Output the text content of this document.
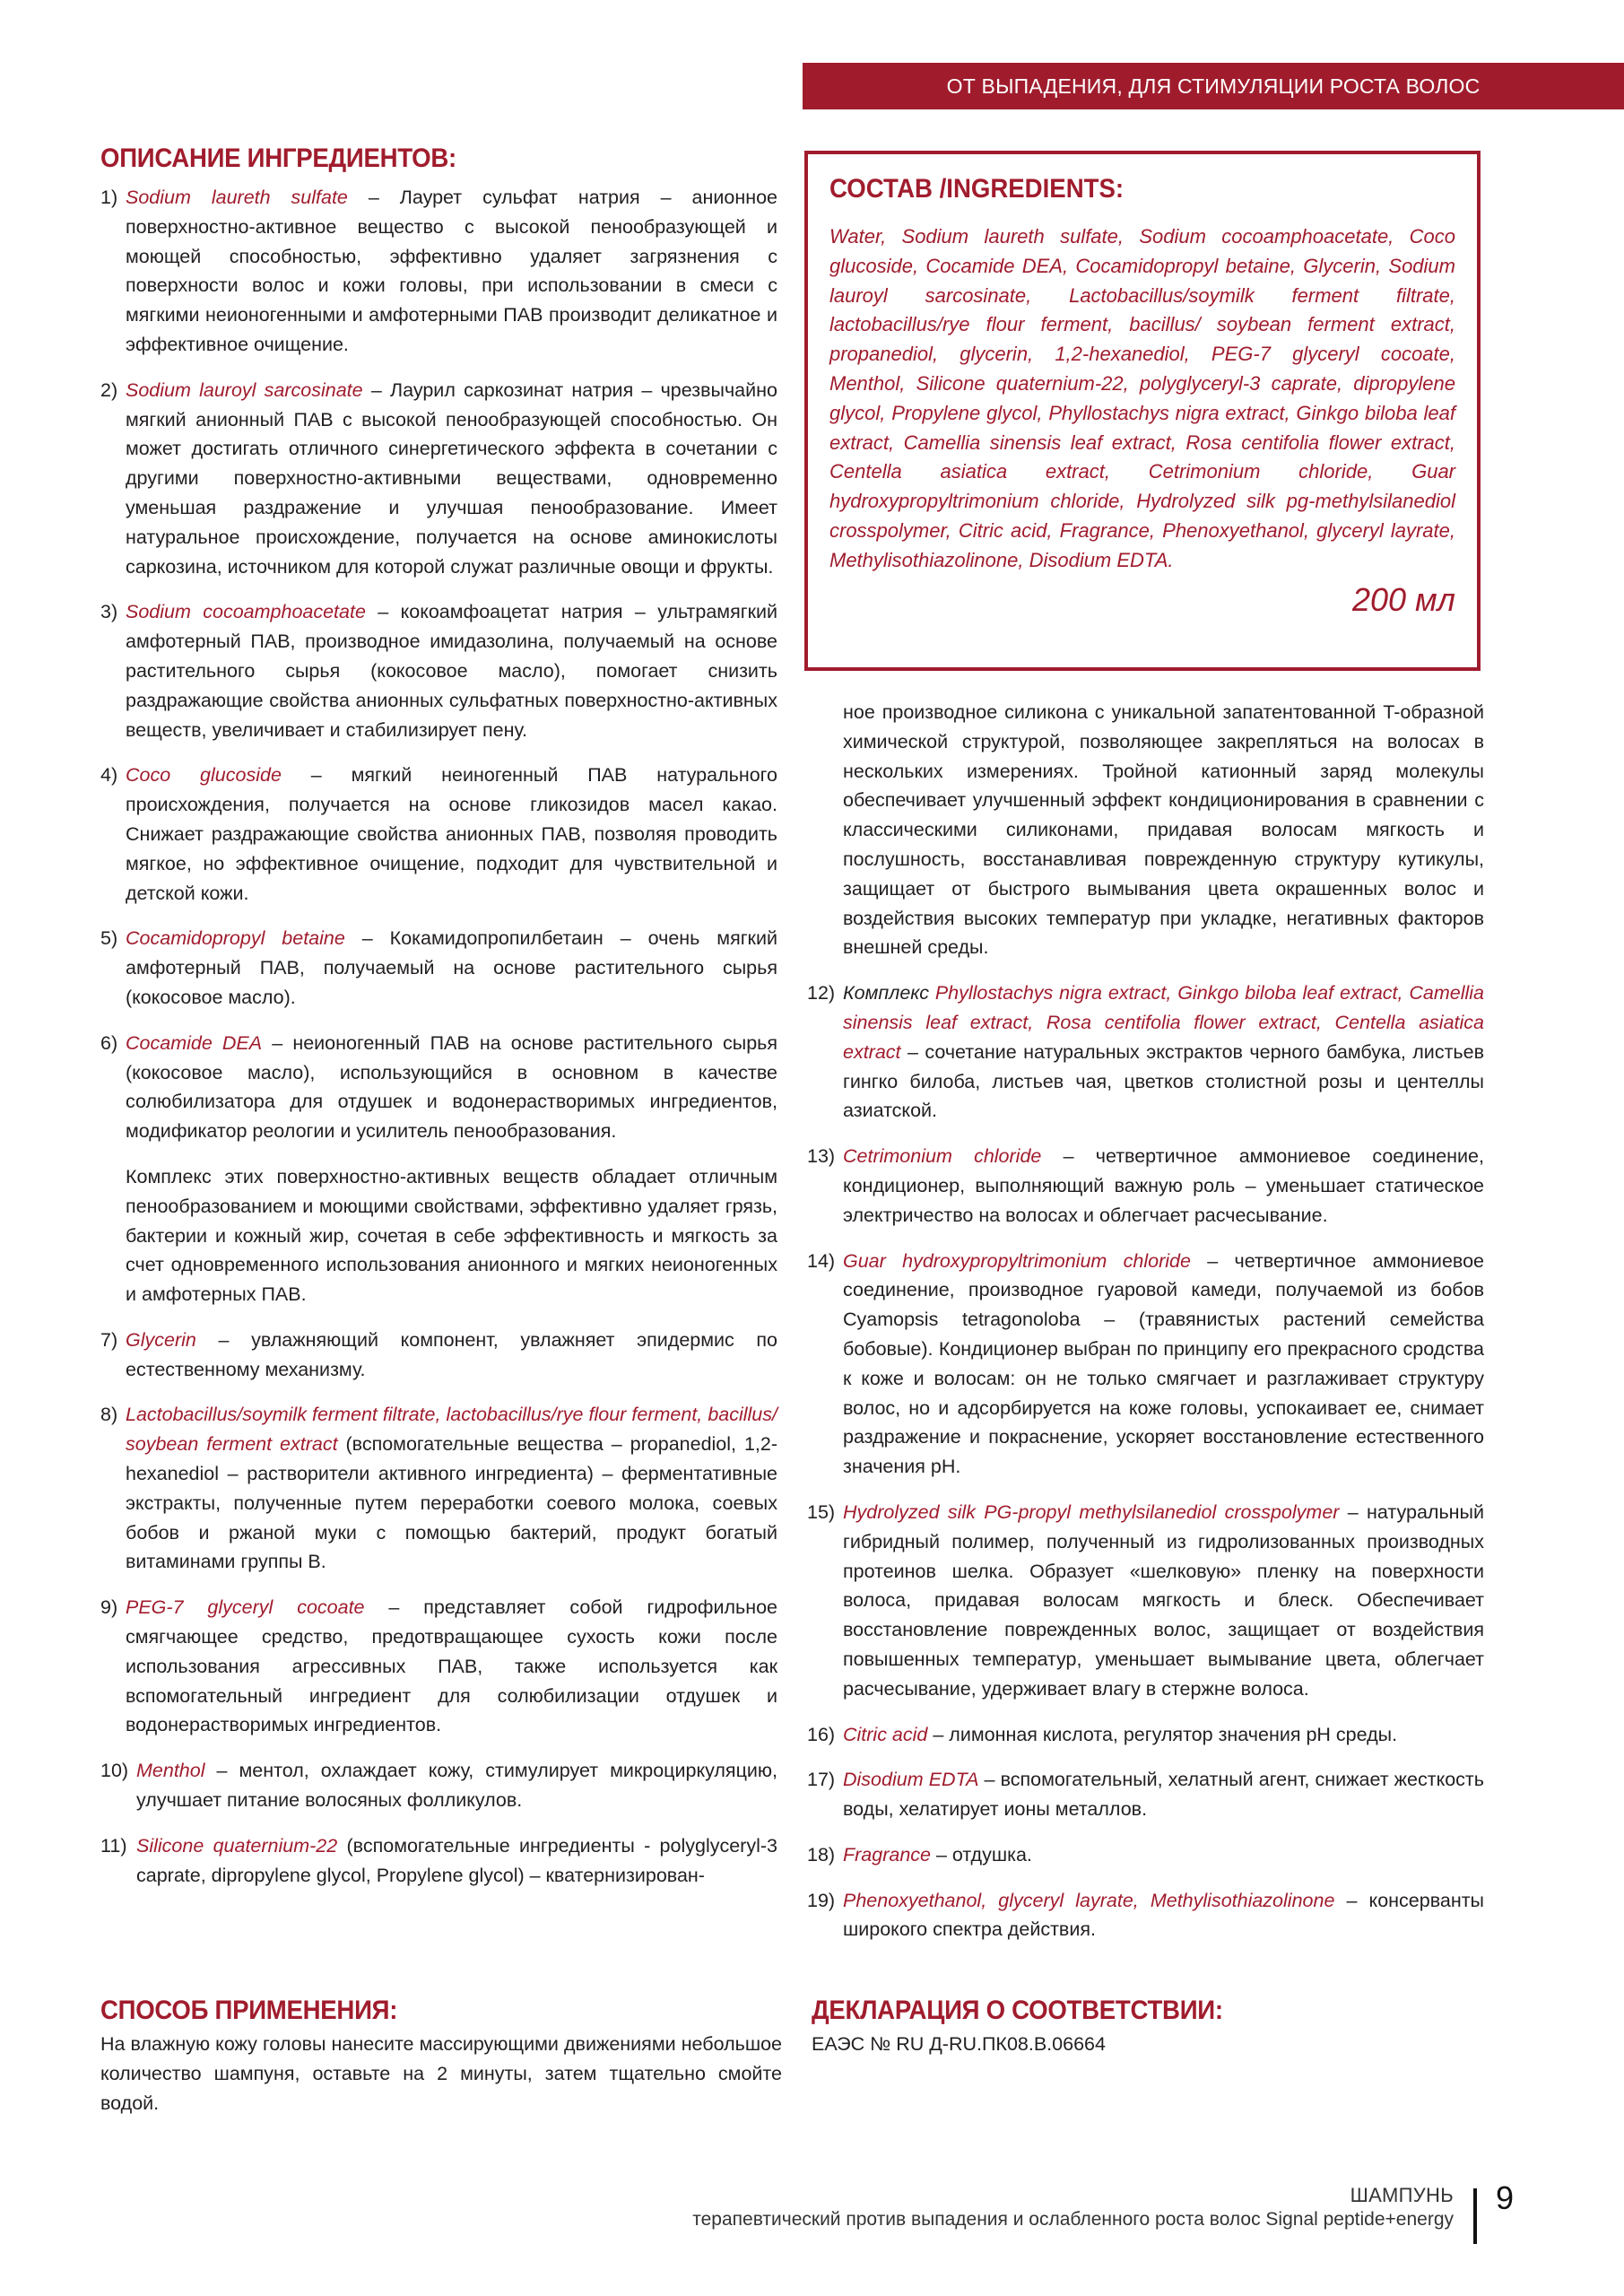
ОТ ВЫПАДЕНИЯ, ДЛЯ СТИМУЛЯЦИИ РОСТА ВОЛОС
ОПИСАНИЕ ИНГРЕДИЕНТОВ:
1) Sodium laureth sulfate – Лаурет сульфат натрия – анионное поверхностно-активное вещество с высокой пенообразующей и моющей способностью, эффективно удаляет загрязнения с поверхности волос и кожи головы, при использовании в смеси с мягкими неионогенными и амфотерными ПАВ производит деликатное и эффективное очищение.
2) Sodium lauroyl sarcosinate – Лаурил саркозинат натрия – чрезвычайно мягкий анионный ПАВ с высокой пенообразующей способностью. Он может достигать отличного синергетического эффекта в сочетании с другими поверхностно-активными веществами, одновременно уменьшая раздражение и улучшая пенообразование. Имеет натуральное происхождение, получается на основе аминокислоты саркозина, источником для которой служат различные овощи и фрукты.
3) Sodium cocoamphoacetate – кокоамфоацетат натрия – ультрамягкий амфотерный ПАВ, производное имидазолина, получаемый на основе растительного сырья (кокосовое масло), помогает снизить раздражающие свойства анионных сульфатных поверхностно-активных веществ, увеличивает и стабилизирует пену.
4) Coco glucoside – мягкий неиногенный ПАВ натурального происхождения, получается на основе гликозидов масел какао. Снижает раздражающие свойства анионных ПАВ, позволяя проводить мягкое, но эффективное очищение, подходит для чувствительной и детской кожи.
5) Cocamidopropyl betaine – Кокамидопропилбетаин – очень мягкий амфотерный ПАВ, получаемый на основе растительного сырья (кокосовое масло).
6) Cocamide DEA – неионогенный ПАВ на основе растительного сырья (кокосовое масло), использующийся в основном в качестве солюбилизатора для отдушек и водонерастворимых ингредиентов, модификатор реологии и усилитель пенообразования.
Комплекс этих поверхностно-активных веществ обладает отличным пенообразованием и моющими свойствами, эффективно удаляет грязь, бактерии и кожный жир, сочетая в себе эффективность и мягкость за счет одновременного использования анионного и мягких неионогенных и амфотерных ПАВ.
7) Glycerin – увлажняющий компонент, увлажняет эпидермис по естественному механизму.
8) Lactobacillus/soymilk ferment filtrate, lactobacillus/rye flour ferment, bacillus/ soybean ferment extract (вспомогательные вещества – propanediol, 1,2-hexanediol – растворители активного ингредиента) – ферментативные экстракты, полученные путем переработки соевого молока, соевых бобов и ржаной муки с помощью бактерий, продукт богатый витаминами группы B.
9) PEG-7 glyceryl cocoate – представляет собой гидрофильное смягчающее средство, предотвращающее сухость кожи после использования агрессивных ПАВ, также используется как вспомогательный ингредиент для солюбилизации отдушек и водонерастворимых ингредиентов.
10) Menthol – ментол, охлаждает кожу, стимулирует микроциркуляцию, улучшает питание волосяных фолликулов.
11) Silicone quaternium-22 (вспомогательные ингредиенты - polyglyceryl-3 caprate, dipropylene glycol, Propylene glycol) – кватернизирован-
СОСТАВ /INGREDIENTS:
Water, Sodium laureth sulfate, Sodium cocoamphoacetate, Coco glucoside, Cocamide DEA, Cocamidopropyl betaine, Glycerin, Sodium lauroyl sarcosinate, Lactobacillus/soymilk ferment filtrate, lactobacillus/rye flour ferment, bacillus/ soybean ferment extract, propanediol, glycerin, 1,2-hexanediol, PEG-7 glyceryl cocoate, Menthol, Silicone quaternium-22, polyglyceryl-3 caprate, dipropylene glycol, Propylene glycol, Phyllostachys nigra extract, Ginkgo biloba leaf extract, Camellia sinensis leaf extract, Rosa centifolia flower extract, Centella asiatica extract, Cetrimonium chloride, Guar hydroxypropyltrimonium chloride, Hydrolyzed silk pg-methylsilanediol crosspolymer, Citric acid, Fragrance, Phenoxyethanol, glyceryl layrate, Methylisothiazolinone, Disodium EDTA.
200 мл
ное производное силикона с уникальной запатентованной T-образной химической структурой, позволяющее закрепляться на волосах в нескольких измерениях. Тройной катионный заряд молекулы обеспечивает улучшенный эффект кондиционирования в сравнении с классическими силиконами, придавая волосам мягкость и послушность, восстанавливая поврежденную структуру кутикулы, защищает от быстрого вымывания цвета окрашенных волос и воздействия высоких температур при укладке, негативных факторов внешней среды.
12) Комплекс Phyllostachys nigra extract, Ginkgo biloba leaf extract, Camellia sinensis leaf extract, Rosa centifolia flower extract, Centella asiatica extract – сочетание натуральных экстрактов черного бамбука, листьев гингко билоба, листьев чая, цветков столистной розы и центеллы азиатской.
13) Cetrimonium chloride – четвертичное аммониевое соединение, кондиционер, выполняющий важную роль – уменьшает статическое электричество на волосах и облегчает расчесывание.
14) Guar hydroxypropyltrimonium chloride – четвертичное аммониевое соединение, производное гуаровой камеди, получаемой из бобов Cyamopsis tetragonoloba – (травянистых растений семейства бобовые). Кондиционер выбран по принципу его прекрасного сродства к коже и волосам: он не только смягчает и разглаживает структуру волос, но и адсорбируется на коже головы, успокаивает ее, снимает раздражение и покраснение, ускоряет восстановление естественного значения pH.
15) Hydrolyzed silk PG-propyl methylsilanediol crosspolymer – натуральный гибридный полимер, полученный из гидролизованных производных протеинов шелка. Образует «шелковую» пленку на поверхности волоса, придавая волосам мягкость и блеск. Обеспечивает восстановление поврежденных волос, защищает от воздействия повышенных температур, уменьшает вымывание цвета, облегчает расчесывание, удерживает влагу в стержне волоса.
16) Citric acid – лимонная кислота, регулятор значения pH среды.
17) Disodium EDTA – вспомогательный, хелатный агент, снижает жесткость воды, хелатирует ионы металлов.
18) Fragrance – отдушка.
19) Phenoxyethanol, glyceryl layrate, Methylisothiazolinone – консерванты широкого спектра действия.
СПОСОБ ПРИМЕНЕНИЯ:
На влажную кожу головы нанесите массирующими движениями небольшое количество шампуня, оставьте на 2 минуты, затем тщательно смойте водой.
ДЕКЛАРАЦИЯ О СООТВЕТСТВИИ:
ЕАЭС № RU Д-RU.ПК08.В.06664
ШАМПУНЬ
терапевтический против выпадения и ослабленного роста волос Signal peptide+energy
9
